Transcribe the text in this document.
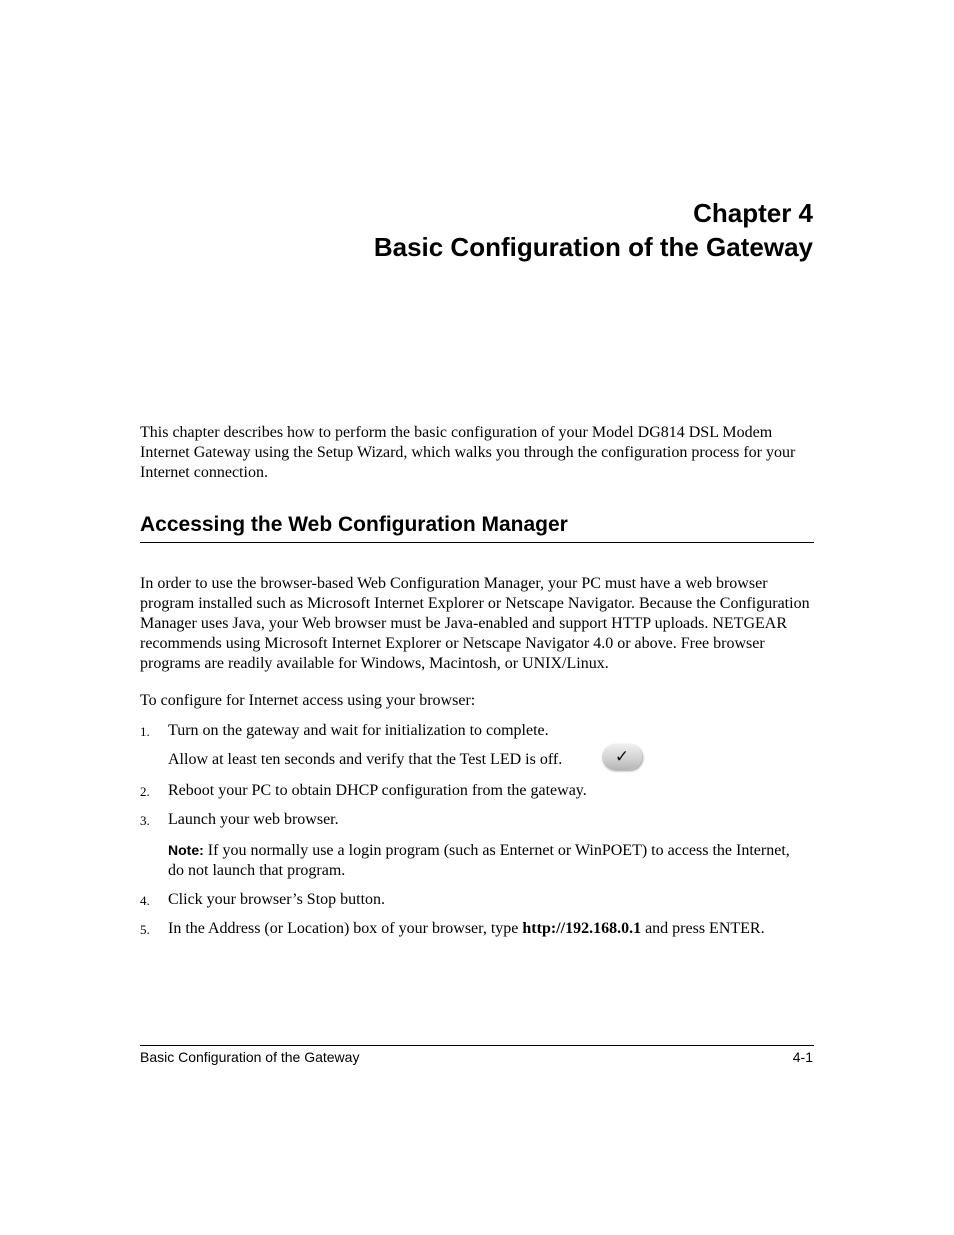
Chapter 4
Basic Configuration of the Gateway
This chapter describes how to perform the basic configuration of your Model DG814 DSL Modem Internet Gateway using the Setup Wizard, which walks you through the configuration process for your Internet connection.
Accessing the Web Configuration Manager
In order to use the browser-based Web Configuration Manager, your PC must have a web browser program installed such as Microsoft Internet Explorer or Netscape Navigator. Because the Configuration Manager uses Java, your Web browser must be Java-enabled and support HTTP uploads. NETGEAR recommends using Microsoft Internet Explorer or Netscape Navigator 4.0 or above. Free browser programs are readily available for Windows, Macintosh, or UNIX/Linux.
To configure for Internet access using your browser:
1. Turn on the gateway and wait for initialization to complete.
Allow at least ten seconds and verify that the Test LED is off.	✓
2. Reboot your PC to obtain DHCP configuration from the gateway.
3. Launch your web browser.
Note: If you normally use a login program (such as Enternet or WinPOET) to access the Internet, do not launch that program.
4. Click your browser’s Stop button.
5. In the Address (or Location) box of your browser, type http://192.168.0.1 and press ENTER.
Basic Configuration of the Gateway	4-1
